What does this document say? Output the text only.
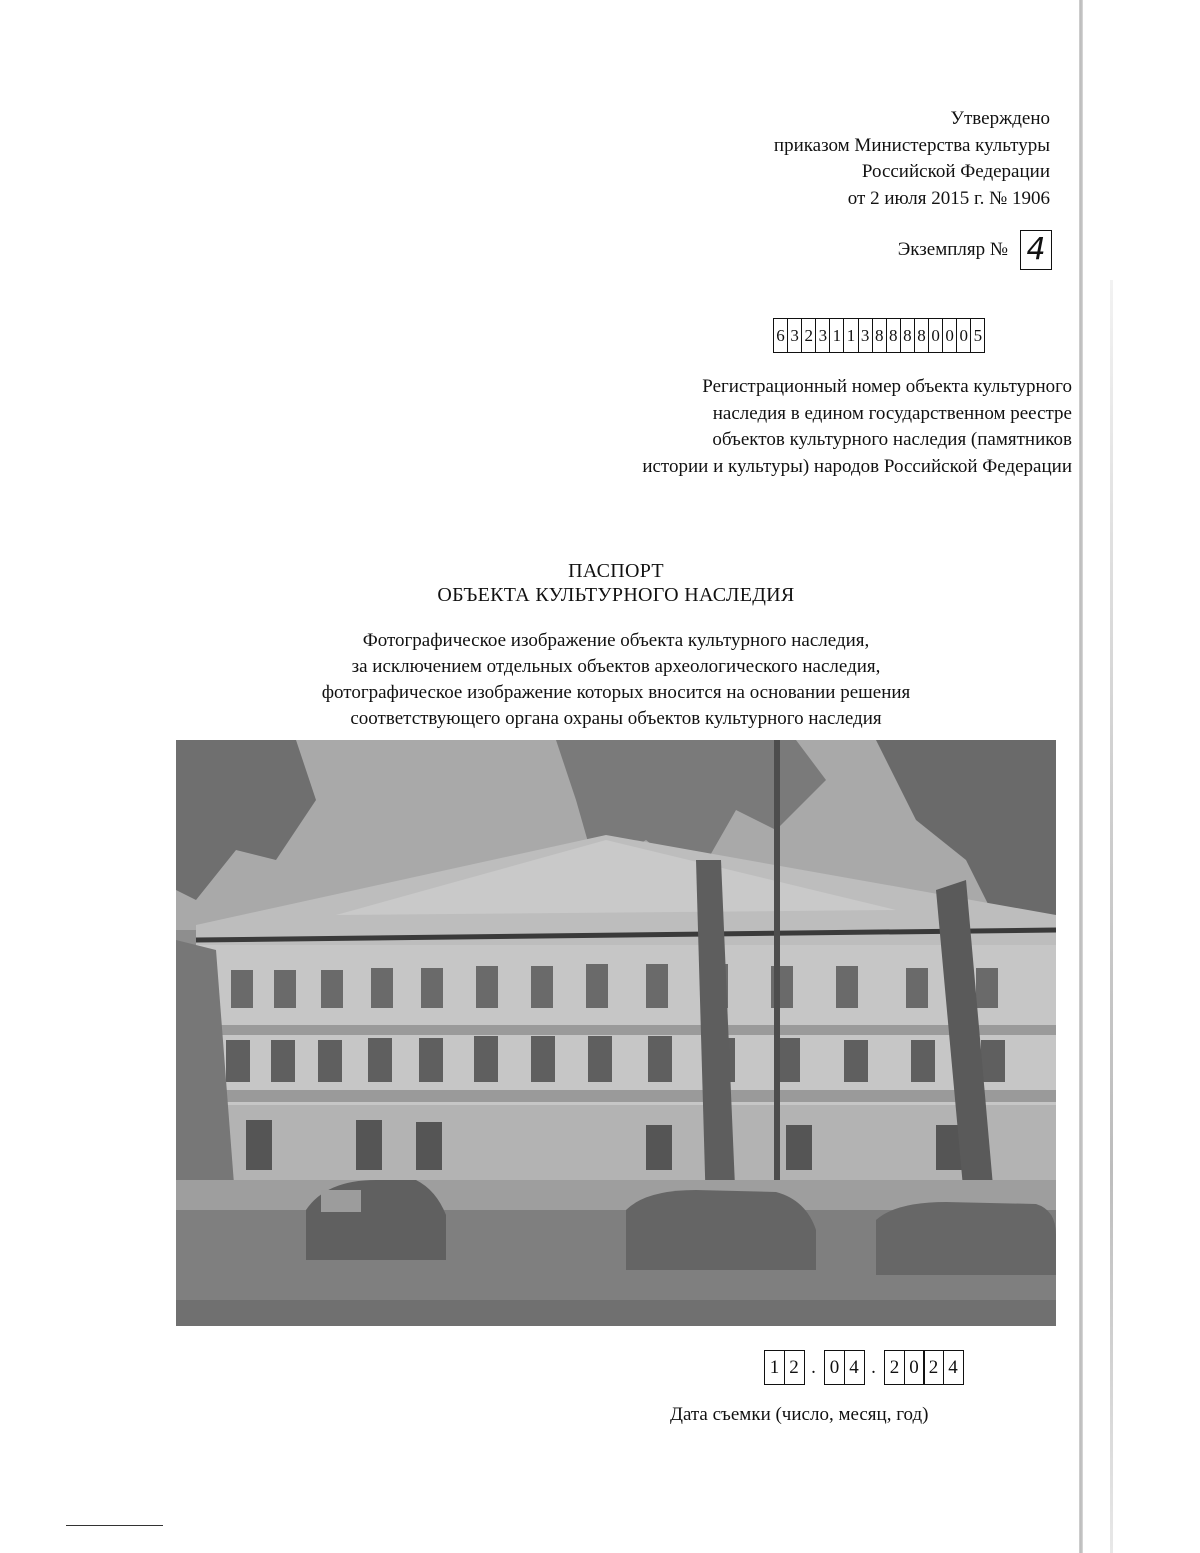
Утверждено
приказом Министерства культуры
Российской Федерации
от 2 июля 2015 г. № 1906
Экземпляр № 4
6 3 2 3 1 1 3 8 8 8 8 0 0 0 5
Регистрационный номер объекта культурного
наследия в едином государственном реестре
объектов культурного наследия (памятников
истории и культуры) народов Российской Федерации
ПАСПОРТ
ОБЪЕКТА КУЛЬТУРНОГО НАСЛЕДИЯ
Фотографическое изображение объекта культурного наследия,
за исключением отдельных объектов археологического наследия,
фотографическое изображение которых вносится на основании решения
соответствующего органа охраны объектов культурного наследия
1 2 . 0 4 . 2 0 2 4
Дата съемки (число, месяц, год)
